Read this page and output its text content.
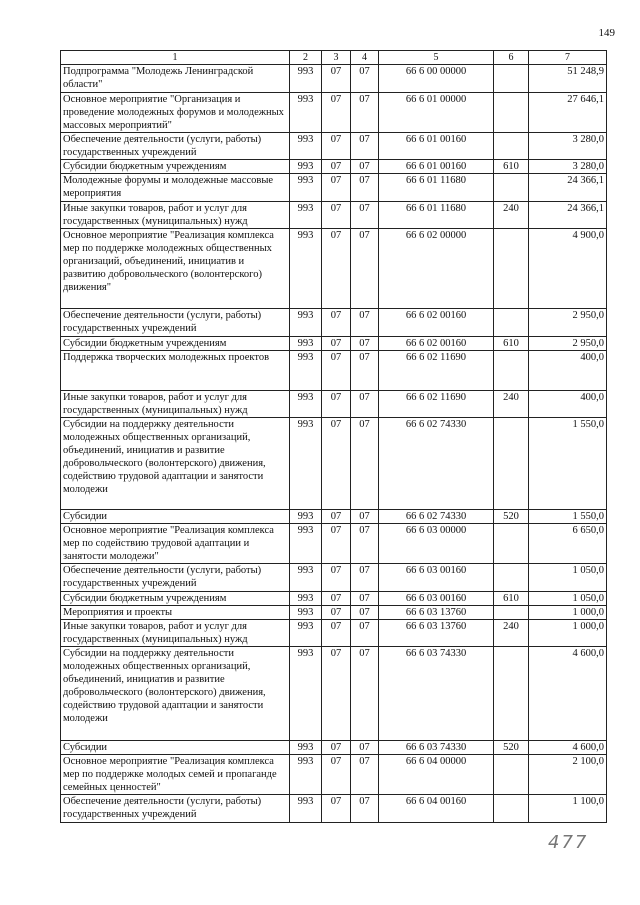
149
1	2	3	4	5	6	7
Подпрограмма "Молодежь Ленинградской области"	993	07	07	66 6 00 00000		51 248,9
Основное мероприятие "Организация и проведение молодежных форумов и молодежных массовых мероприятий"	993	07	07	66 6 01 00000		27 646,1
Обеспечение деятельности (услуги, работы) государственных учреждений	993	07	07	66 6 01 00160		3 280,0
Субсидии бюджетным учреждениям	993	07	07	66 6 01 00160	610	3 280,0
Молодежные форумы и молодежные массовые мероприятия	993	07	07	66 6 01 11680		24 366,1
Иные закупки товаров, работ и услуг для государственных (муниципальных) нужд	993	07	07	66 6 01 11680	240	24 366,1
Основное мероприятие "Реализация комплекса мер по поддержке молодежных общественных организаций, объединений, инициатив и развитию добровольческого (волонтерского) движения"	993	07	07	66 6 02 00000		4 900,0
Обеспечение деятельности (услуги, работы) государственных учреждений	993	07	07	66 6 02 00160		2 950,0
Субсидии бюджетным учреждениям	993	07	07	66 6 02 00160	610	2 950,0
Поддержка творческих молодежных проектов	993	07	07	66 6 02 11690		400,0
Иные закупки товаров, работ и услуг для государственных (муниципальных) нужд	993	07	07	66 6 02 11690	240	400,0
Субсидии на поддержку деятельности молодежных общественных организаций, объединений, инициатив и развитие добровольческого (волонтерского) движения, содействию трудовой адаптации и занятости молодежи	993	07	07	66 6 02 74330		1 550,0
Субсидии	993	07	07	66 6 02 74330	520	1 550,0
Основное мероприятие "Реализация комплекса мер по содействию трудовой адаптации и занятости молодежи"	993	07	07	66 6 03 00000		6 650,0
Обеспечение деятельности (услуги, работы) государственных учреждений	993	07	07	66 6 03 00160		1 050,0
Субсидии бюджетным учреждениям	993	07	07	66 6 03 00160	610	1 050,0
Мероприятия и проекты	993	07	07	66 6 03 13760		1 000,0
Иные закупки товаров, работ и услуг для государственных (муниципальных) нужд	993	07	07	66 6 03 13760	240	1 000,0
Субсидии на поддержку деятельности молодежных общественных организаций, объединений, инициатив и развитие добровольческого (волонтерского) движения, содействию трудовой адаптации и занятости молодежи	993	07	07	66 6 03 74330		4 600,0
Субсидии	993	07	07	66 6 03 74330	520	4 600,0
Основное мероприятие "Реализация комплекса мер по поддержке молодых семей и пропаганде семейных ценностей"	993	07	07	66 6 04 00000		2 100,0
Обеспечение деятельности (услуги, работы) государственных учреждений	993	07	07	66 6 04 00160		1 100,0
477
